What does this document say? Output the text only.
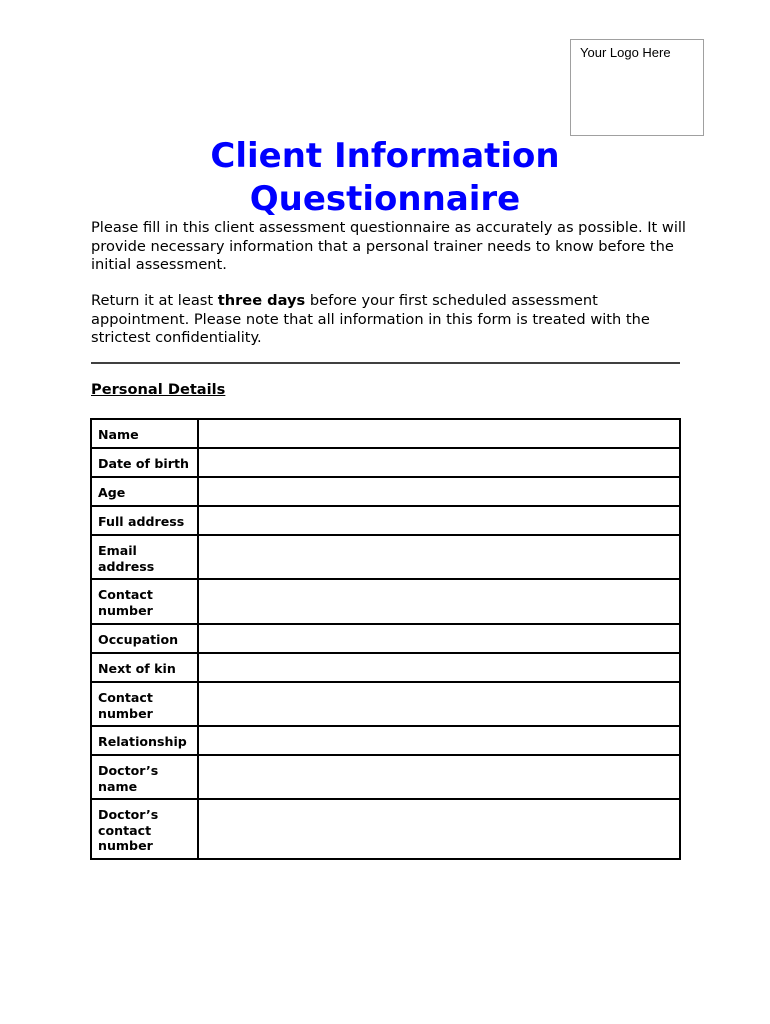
Your Logo Here
Client Information
Questionnaire

Please fill in this client assessment questionnaire as accurately as possible. It will provide necessary information that a personal trainer needs to know before the initial assessment.

Return it at least three days before your first scheduled assessment appointment. Please note that all information in this form is treated with the strictest confidentiality.

Personal Details
Name	
Date of birth	
Age	
Full address	
Email address	
Contact number	
Occupation	
Next of kin	
Contact number	
Relationship	
Doctor’s name	
Doctor’s contact number	
